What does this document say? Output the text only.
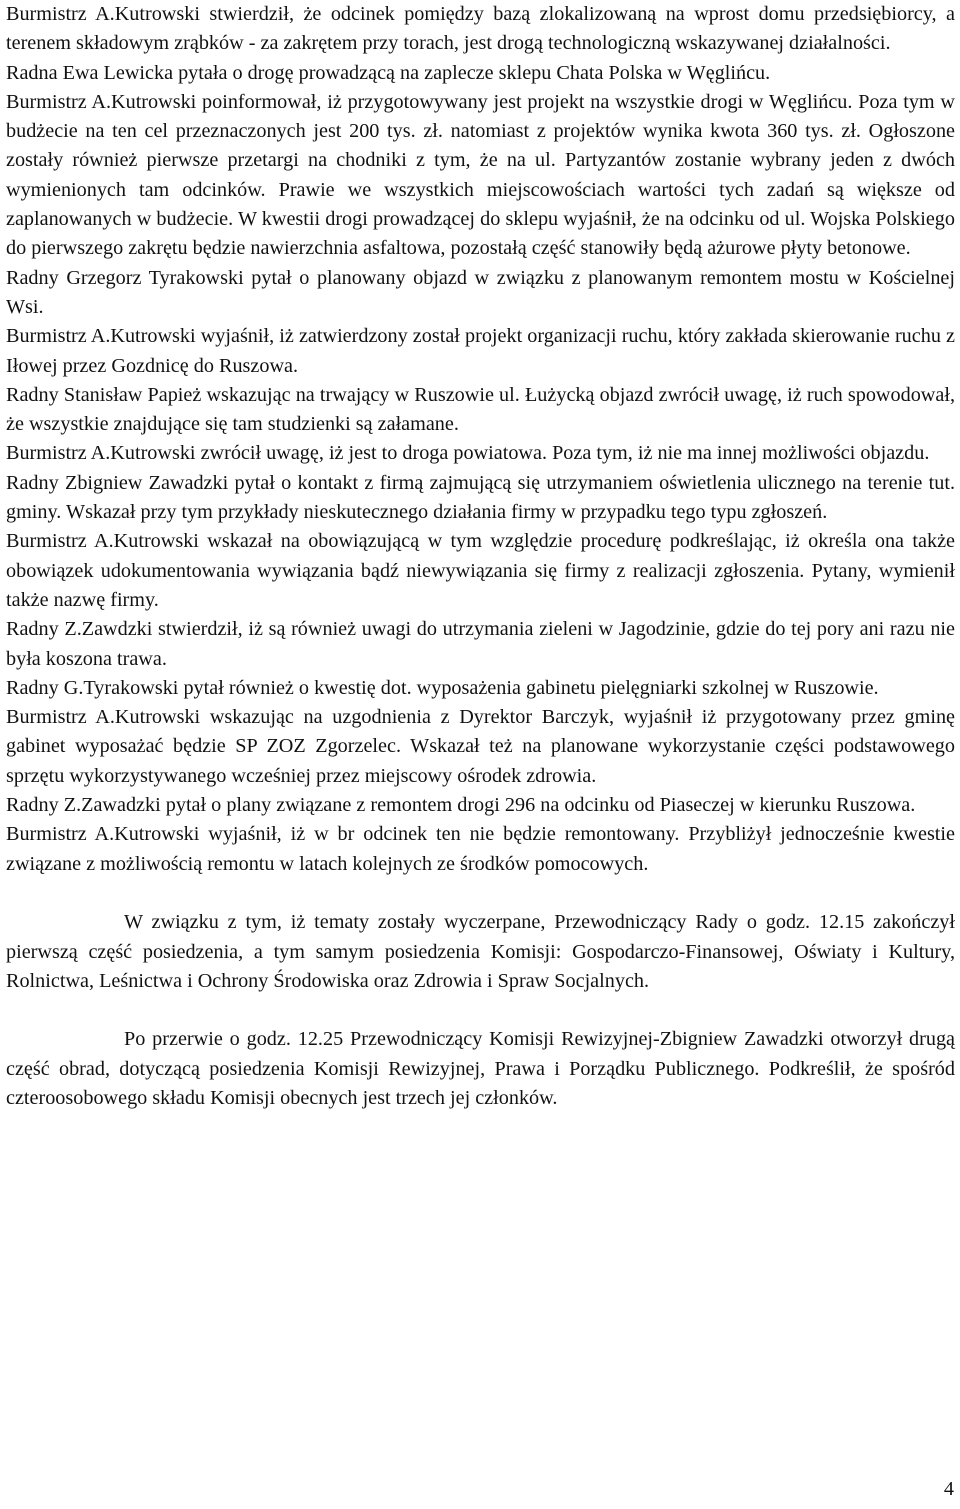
Burmistrz A.Kutrowski stwierdził, że odcinek pomiędzy bazą zlokalizowaną na wprost domu przedsiębiorcy, a terenem składowym zrąbków - za zakrętem przy torach, jest drogą technologiczną wskazywanej działalności.

Radna Ewa Lewicka pytała o drogę prowadzącą na zaplecze sklepu Chata Polska w Węglińcu.

Burmistrz A.Kutrowski poinformował, iż przygotowywany jest projekt na wszystkie drogi w Węglińcu. Poza tym w budżecie na ten cel przeznaczonych jest 200 tys. zł. natomiast z projektów wynika kwota 360 tys. zł. Ogłoszone zostały również pierwsze przetargi na chodniki z tym, że na ul. Partyzantów zostanie wybrany jeden z dwóch wymienionych tam odcinków. Prawie we wszystkich miejscowościach wartości tych zadań są większe od zaplanowanych w budżecie. W kwestii drogi prowadzącej do sklepu wyjaśnił, że na odcinku od ul. Wojska Polskiego do pierwszego zakrętu będzie nawierzchnia asfaltowa, pozostałą część stanowiły będą ażurowe płyty betonowe.

Radny Grzegorz Tyrakowski pytał o planowany objazd w związku z planowanym remontem mostu w Kościelnej Wsi.

Burmistrz A.Kutrowski wyjaśnił, iż zatwierdzony został projekt organizacji ruchu, który zakłada skierowanie ruchu z Iłowej przez Gozdnicę do Ruszowa.

Radny Stanisław Papież wskazując na trwający w Ruszowie ul. Łużycką objazd zwrócił uwagę, iż ruch spowodował, że wszystkie znajdujące się tam studzienki są załamane.

Burmistrz A.Kutrowski zwrócił uwagę, iż jest to droga powiatowa. Poza tym, iż nie ma innej możliwości objazdu.

Radny Zbigniew Zawadzki pytał o kontakt z firmą zajmującą się utrzymaniem oświetlenia ulicznego na terenie tut. gminy. Wskazał przy tym przykłady nieskutecznego działania firmy w przypadku tego typu zgłoszeń.

Burmistrz A.Kutrowski wskazał na obowiązującą w tym względzie procedurę podkreślając, iż określa ona także obowiązek udokumentowania wywiązania bądź niewywiązania się firmy z realizacji zgłoszenia. Pytany, wymienił także nazwę firmy.

Radny Z.Zawdzki stwierdził, iż są również uwagi do utrzymania zieleni w Jagodzinie, gdzie do tej pory ani razu nie była koszona trawa.

Radny G.Tyrakowski pytał również o kwestię dot. wyposażenia gabinetu pielęgniarki szkolnej w Ruszowie.

Burmistrz A.Kutrowski wskazując na uzgodnienia z Dyrektor Barczyk, wyjaśnił iż przygotowany przez gminę gabinet wyposażać będzie SP ZOZ Zgorzelec. Wskazał też na planowane wykorzystanie części podstawowego sprzętu wykorzystywanego wcześniej przez miejscowy ośrodek zdrowia.

Radny Z.Zawadzki pytał o plany związane z remontem drogi 296 na odcinku od Piaseczej w kierunku Ruszowa.

Burmistrz A.Kutrowski wyjaśnił, iż w br odcinek ten nie będzie remontowany. Przybliżył jednocześnie kwestie związane z możliwością remontu w latach kolejnych ze środków pomocowych.

W związku z tym, iż tematy zostały wyczerpane, Przewodniczący Rady o godz. 12.15 zakończył pierwszą część posiedzenia, a tym samym posiedzenia Komisji: Gospodarczo-Finansowej, Oświaty i Kultury, Rolnictwa, Leśnictwa i Ochrony Środowiska oraz Zdrowia i Spraw Socjalnych.

Po przerwie o godz. 12.25 Przewodniczący Komisji Rewizyjnej-Zbigniew Zawadzki otworzył drugą część obrad, dotyczącą posiedzenia Komisji Rewizyjnej, Prawa i Porządku Publicznego. Podkreślił, że spośród czteroosobowego składu Komisji obecnych jest trzech jej członków.

4
